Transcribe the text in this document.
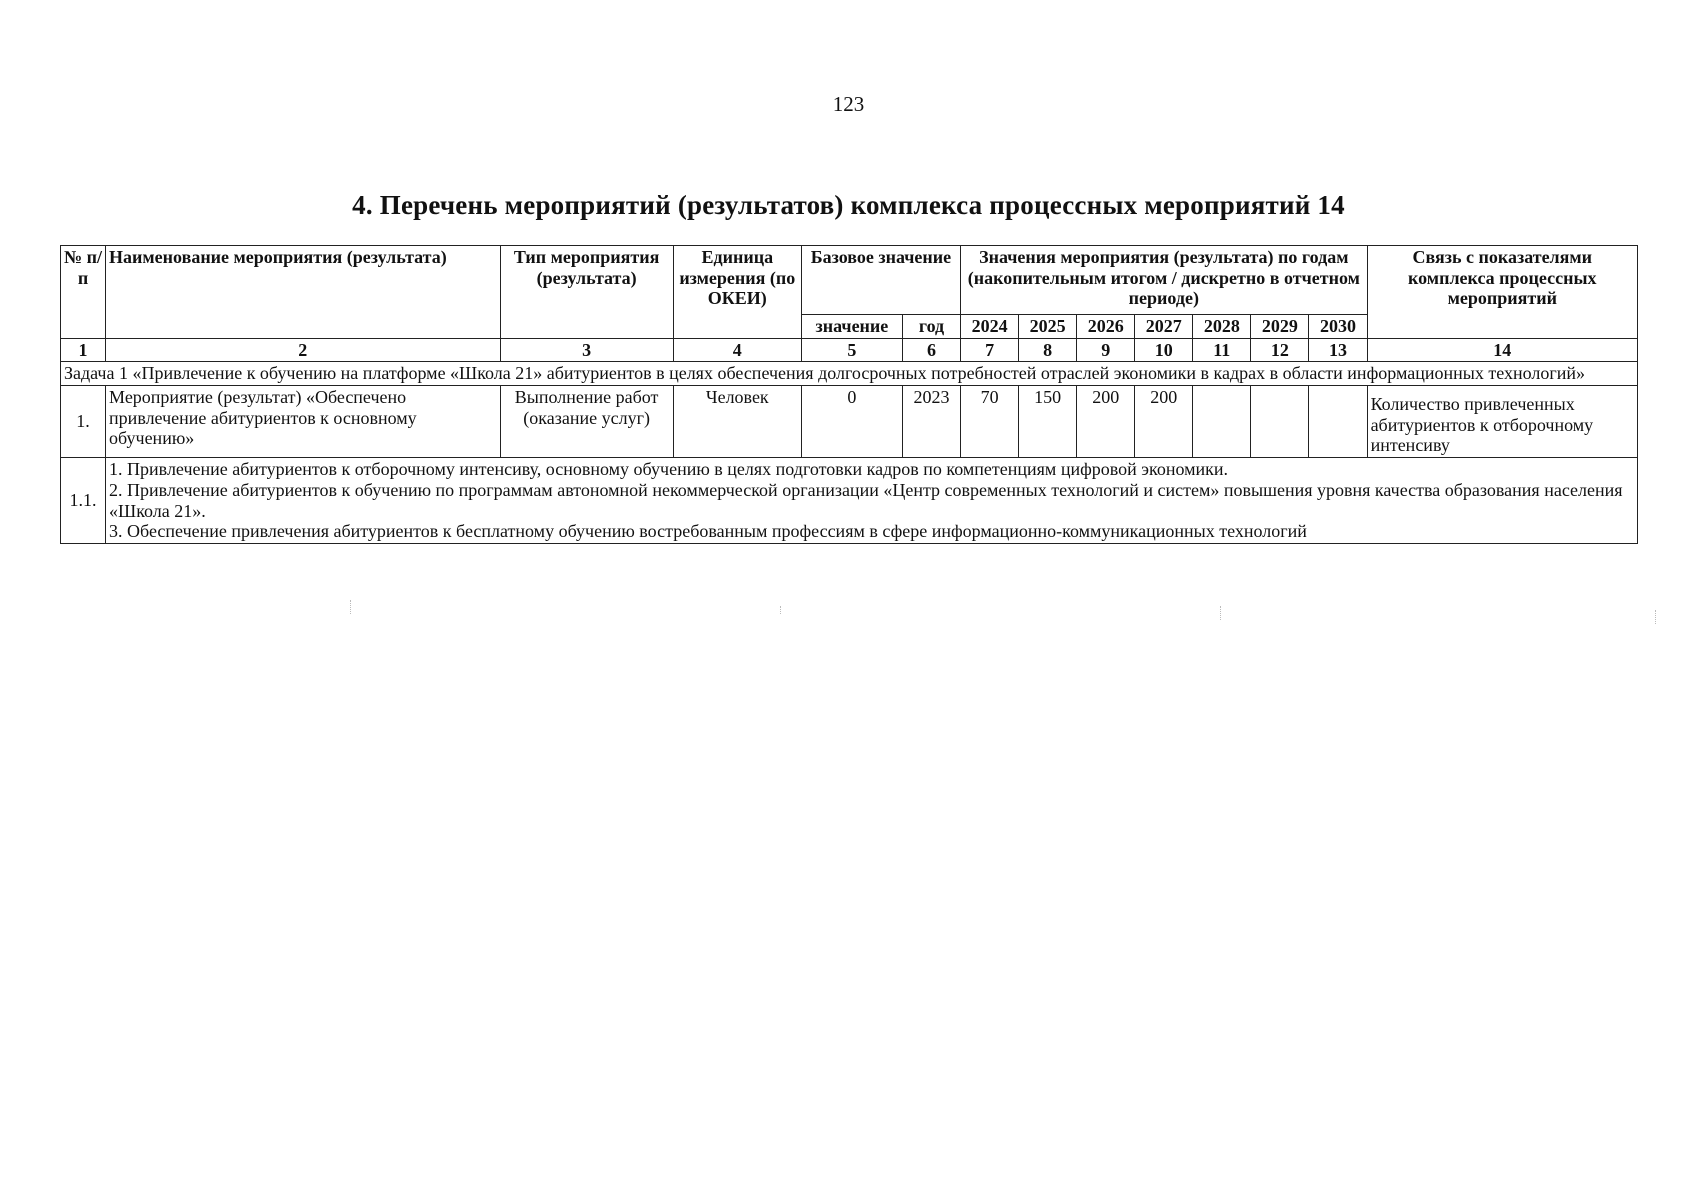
123
4. Перечень мероприятий (результатов) комплекса процессных мероприятий 14
№ п/п	Наименование мероприятия (результата)	Тип мероприятия (результата)	Единица измерения (по ОКЕИ)	Базовое значение		Значения мероприятия (результата) по годам (накопительным итогом / дискретно в отчетном периоде)							Связь с показателями комплекса процессных мероприятий
				значение	год	2024	2025	2026	2027	2028	2029	2030	
1	2	3	4	5	6	7	8	9	10	11	12	13	14
Задача 1 «Привлечение к обучению на платформе «Школа 21» абитуриентов в целях обеспечения долгосрочных потребностей отраслей экономики в кадрах в области информационных технологий»													
1.	Мероприятие (результат) «Обеспечено привлечение абитуриентов к основному обучению»	Выполнение работ (оказание услуг)	Человек	0	2023	70	150	200	200				Количество привлеченных абитуриентов к отборочному интенсиву
1.1.	1. Привлечение абитуриентов к отборочному интенсиву, основному обучению в целях подготовки кадров по компетенциям цифровой экономики.
2. Привлечение абитуриентов к обучению по программам автономной некоммерческой организации «Центр современных технологий и систем» повышения уровня качества образования населения «Школа 21».
3. Обеспечение привлечения абитуриентов к бесплатному обучению востребованным профессиям в сфере информационно-коммуникационных технологий												
